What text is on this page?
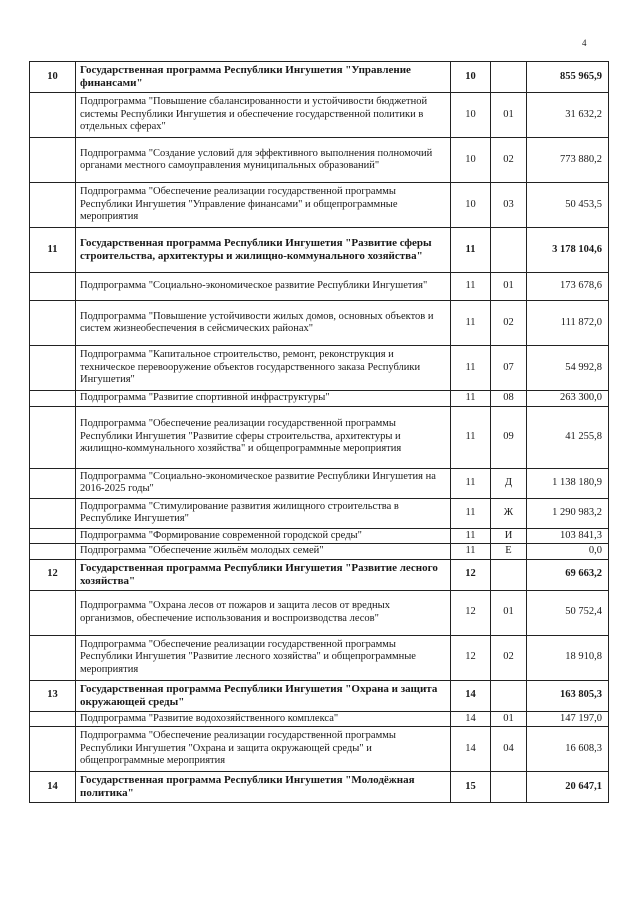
4
10	Государственная программа Республики Ингушетия "Управление финансами"	10		855 965,9
	Подпрограмма "Повышение сбалансированности и устойчивости бюджетной системы Республики Ингушетия и обеспечение государственной политики в отдельных сферах"	10	01	31 632,2
	Подпрограмма "Создание условий для эффективного выполнения полномочий органами местного самоуправления муниципальных образований"	10	02	773 880,2
	Подпрограмма "Обеспечение реализации государственной программы Республики Ингушетия "Управление финансами" и общепрограммные мероприятия	10	03	50 453,5
11	Государственная программа Республики Ингушетия "Развитие сферы строительства, архитектуры и жилищно-коммунального хозяйства"	11		3 178 104,6
	Подпрограмма "Социально-экономическое развитие Республики Ингушетия"	11	01	173 678,6
	Подпрограмма "Повышение устойчивости жилых домов, основных объектов и систем жизнеобеспечения в сейсмических районах"	11	02	111 872,0
	Подпрограмма "Капитальное строительство, ремонт, реконструкция и техническое перевооружение объектов государственного заказа Республики Ингушетия"	11	07	54 992,8
	Подпрограмма "Развитие спортивной инфраструктуры"	11	08	263 300,0
	Подпрограмма "Обеспечение реализации государственной программы Республики Ингушетия "Развитие сферы строительства, архитектуры и жилищно-коммунального хозяйства" и общепрограммные мероприятия	11	09	41 255,8
	Подпрограмма "Социально-экономическое развитие Республики Ингушетия на 2016-2025 годы"	11	Д	1 138 180,9
	Подпрограмма "Стимулирование развития жилищного строительства в Республике Ингушетия"	11	Ж	1 290 983,2
	Подпрограмма "Формирование современной городской среды"	11	И	103 841,3
	Подпрограмма "Обеспечение жильём молодых семей"	11	Е	0,0
12	Государственная программа Республики Ингушетия "Развитие лесного хозяйства"	12		69 663,2
	Подпрограмма "Охрана лесов от пожаров и защита лесов от вредных организмов, обеспечение использования и воспроизводства лесов"	12	01	50 752,4
	Подпрограмма "Обеспечение реализации государственной программы Республики Ингушетия "Развитие лесного хозяйства" и общепрограммные мероприятия	12	02	18 910,8
13	Государственная программа Республики Ингушетия "Охрана и защита окружающей среды"	14		163 805,3
	Подпрограмма "Развитие водохозяйственного комплекса"	14	01	147 197,0
	Подпрограмма "Обеспечение реализации государственной программы Республики Ингушетия "Охрана и защита окружающей среды" и общепрограммные мероприятия	14	04	16 608,3
14	Государственная программа Республики Ингушетия "Молодёжная политика"	15		20 647,1
